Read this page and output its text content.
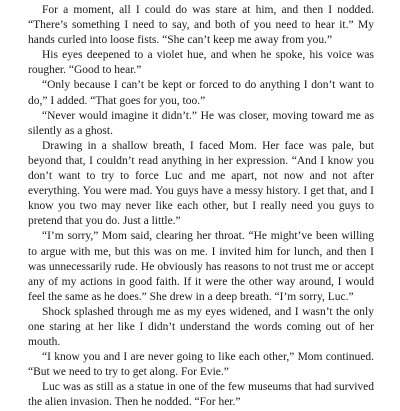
For a moment, all I could do was stare at him, and then I nodded. “There’s something I need to say, and both of you need to hear it.” My hands curled into loose fists. “She can’t keep me away from you.”

His eyes deepened to a violet hue, and when he spoke, his voice was rougher. “Good to hear.”

“Only because I can’t be kept or forced to do anything I don’t want to do,” I added. “That goes for you, too.”

“Never would imagine it didn’t.” He was closer, moving toward me as silently as a ghost.

Drawing in a shallow breath, I faced Mom. Her face was pale, but beyond that, I couldn’t read anything in her expression. “And I know you don’t want to try to force Luc and me apart, not now and not after everything. You were mad. You guys have a messy history. I get that, and I know you two may never like each other, but I really need you guys to pretend that you do. Just a little.”

“I’m sorry,” Mom said, clearing her throat. “He might’ve been willing to argue with me, but this was on me. I invited him for lunch, and then I was unnecessarily rude. He obviously has reasons to not trust me or accept any of my actions in good faith. If it were the other way around, I would feel the same as he does.” She drew in a deep breath. “I’m sorry, Luc.”

Shock splashed through me as my eyes widened, and I wasn’t the only one staring at her like I didn’t understand the words coming out of her mouth.

“I know you and I are never going to like each other,” Mom continued. “But we need to try to get along. For Evie.”

Luc was as still as a statue in one of the few museums that had survived the alien invasion. Then he nodded. “For her.”
